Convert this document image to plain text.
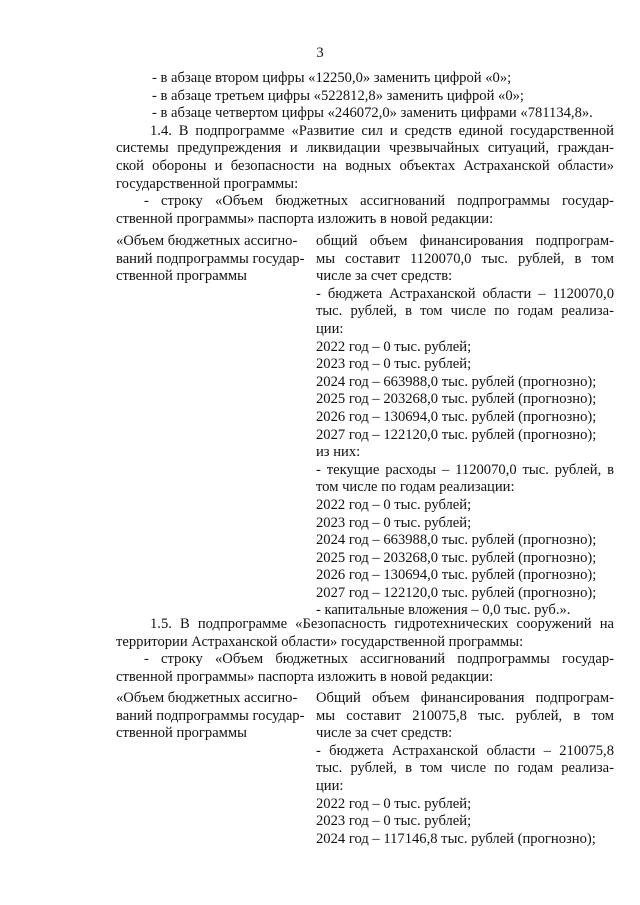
3
- в абзаце втором цифры «12250,0» заменить цифрой «0»;
- в абзаце третьем цифры «522812,8» заменить цифрой «0»;
- в абзаце четвертом цифры «246072,0» заменить цифрами «781134,8».
1.4. В подпрограмме «Развитие сил и средств единой государственной
системы предупреждения и ликвидации чрезвычайных ситуаций, граждан-
ской обороны и безопасности на водных объектах Астраханской области»
государственной программы:
- строку «Объем бюджетных ассигнований подпрограммы государ-
ственной программы» паспорта изложить в новой редакции:
«Объем бюджетных ассигно-
ваний подпрограммы государ-
ственной программы
общий объем финансирования подпрограм-
мы составит 1120070,0 тыс. рублей, в том
числе за счет средств:
- бюджета Астраханской области – 1120070,0
тыс. рублей, в том числе по годам реализа-
ции:
2022 год – 0 тыс. рублей;
2023 год – 0 тыс. рублей;
2024 год – 663988,0 тыс. рублей (прогнозно);
2025 год – 203268,0 тыс. рублей (прогнозно);
2026 год – 130694,0 тыс. рублей (прогнозно);
2027 год – 122120,0 тыс. рублей (прогнозно);
из них:
- текущие расходы – 1120070,0 тыс. рублей, в
том числе по годам реализации:
2022 год – 0 тыс. рублей;
2023 год – 0 тыс. рублей;
2024 год – 663988,0 тыс. рублей (прогнозно);
2025 год – 203268,0 тыс. рублей (прогнозно);
2026 год – 130694,0 тыс. рублей (прогнозно);
2027 год – 122120,0 тыс. рублей (прогнозно);
- капитальные вложения – 0,0 тыс. руб.».
1.5. В подпрограмме «Безопасность гидротехнических сооружений на
территории Астраханской области» государственной программы:
- строку «Объем бюджетных ассигнований подпрограммы государ-
ственной программы» паспорта изложить в новой редакции:
«Объем бюджетных ассигно-
ваний подпрограммы государ-
ственной программы
Общий объем финансирования подпрограм-
мы составит 210075,8 тыс. рублей, в том
числе за счет средств:
- бюджета Астраханской области – 210075,8
тыс. рублей, в том числе по годам реализа-
ции:
2022 год – 0 тыс. рублей;
2023 год – 0 тыс. рублей;
2024 год – 117146,8 тыс. рублей (прогнозно);
